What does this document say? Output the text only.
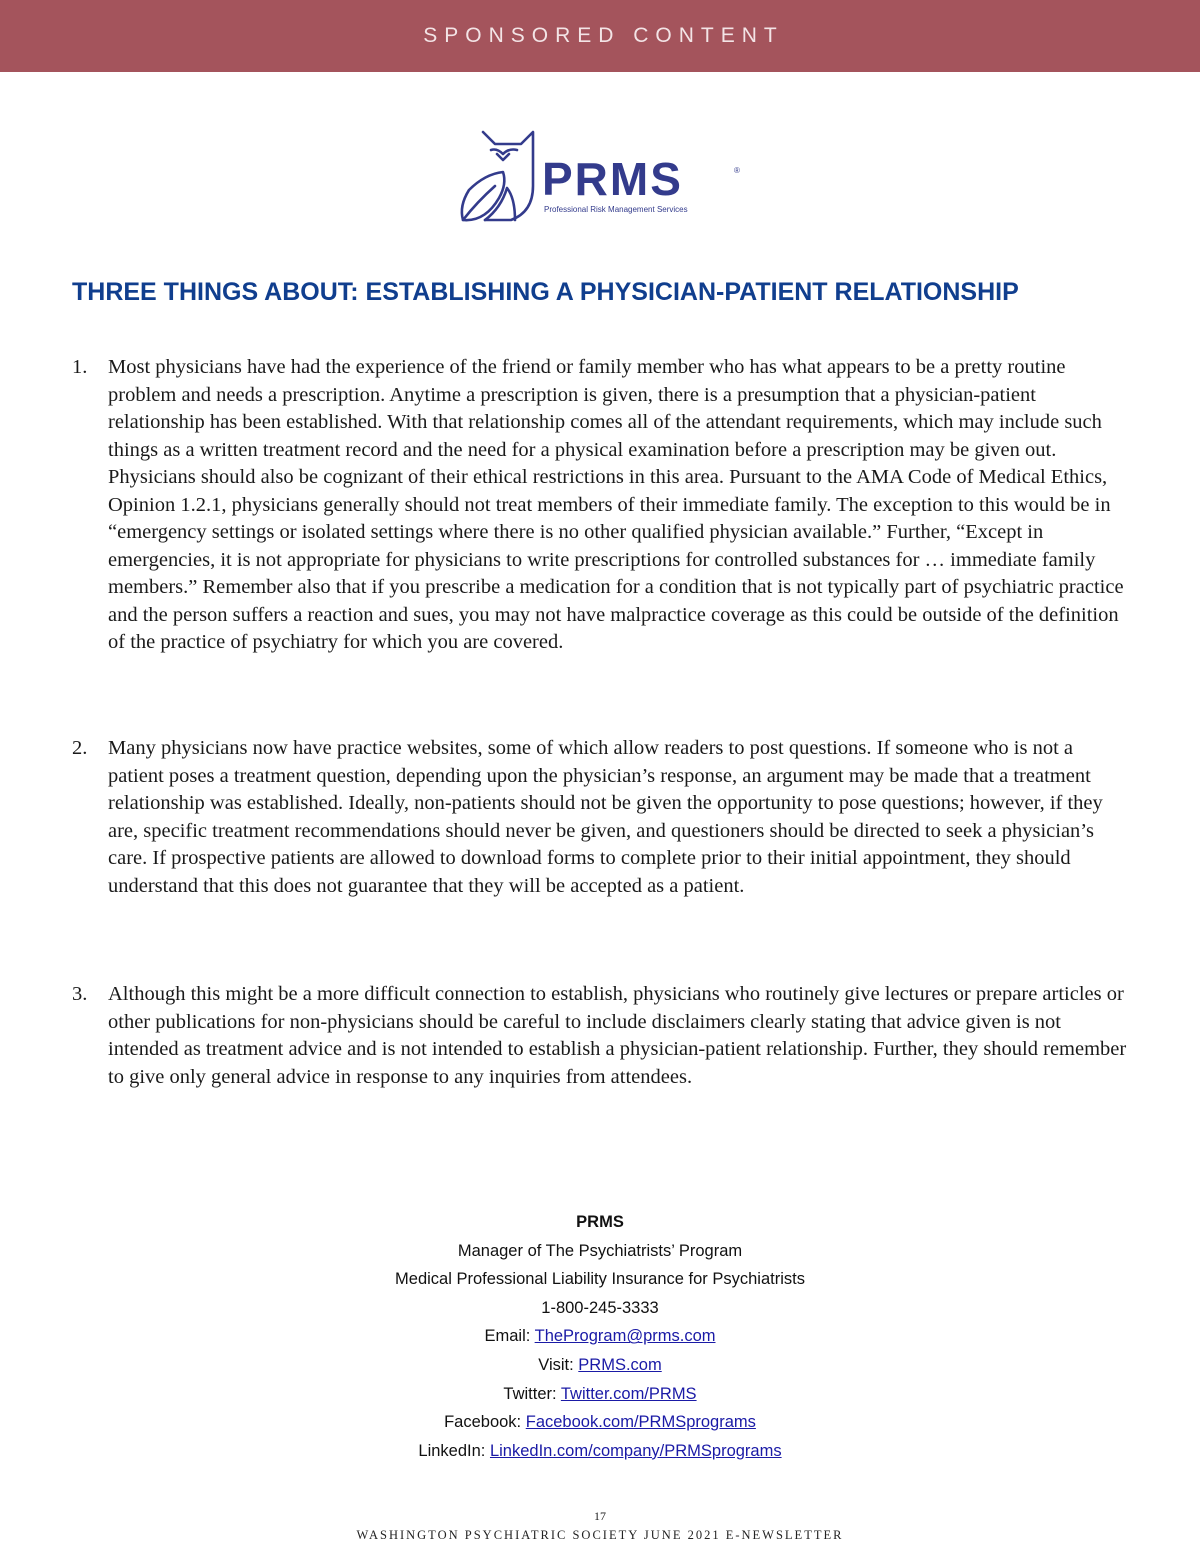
SPONSORED CONTENT
PRMS	®
Professional Risk Management Services
THREE THINGS ABOUT: ESTABLISHING A PHYSICIAN-PATIENT RELATIONSHIP
1. Most physicians have had the experience of the friend or family member who has what appears to be a pretty routine problem and needs a prescription. Anytime a prescription is given, there is a presumption that a physician-patient relationship has been established. With that relationship comes all of the attendant requirements, which may include such things as a written treatment record and the need for a physical examination before a prescription may be given out. Physicians should also be cognizant of their ethical restrictions in this area. Pursuant to the AMA Code of Medical Ethics, Opinion 1.2.1, physicians generally should not treat members of their immediate family. The exception to this would be in “emergency settings or isolated settings where there is no other qualified physician available.” Further, “Except in emergencies, it is not appropriate for physicians to write prescriptions for controlled substances for … immediate family members.” Remember also that if you prescribe a medication for a condition that is not typically part of psychiatric practice and the person suffers a reaction and sues, you may not have malpractice coverage as this could be outside of the definition of the practice of psychiatry for which you are covered.
2. Many physicians now have practice websites, some of which allow readers to post questions. If someone who is not a patient poses a treatment question, depending upon the physician’s response, an argument may be made that a treatment relationship was established. Ideally, non-patients should not be given the opportunity to pose questions; however, if they are, specific treatment recommendations should never be given, and questioners should be directed to seek a physician’s care. If prospective patients are allowed to download forms to complete prior to their initial appointment, they should understand that this does not guarantee that they will be accepted as a patient.
3. Although this might be a more difficult connection to establish, physicians who routinely give lectures or prepare articles or other publications for non-physicians should be careful to include disclaimers clearly stating that advice given is not intended as treatment advice and is not intended to establish a physician-patient relationship. Further, they should remember to give only general advice in response to any inquiries from attendees.
PRMS
Manager of The Psychiatrists’ Program
Medical Professional Liability Insurance for Psychiatrists
1-800-245-3333
Email: TheProgram@prms.com
Visit: PRMS.com
Twitter: Twitter.com/PRMS
Facebook: Facebook.com/PRMSprograms
LinkedIn: LinkedIn.com/company/PRMSprograms
17
WASHINGTON PSYCHIATRIC SOCIETY JUNE 2021 E-NEWSLETTER
